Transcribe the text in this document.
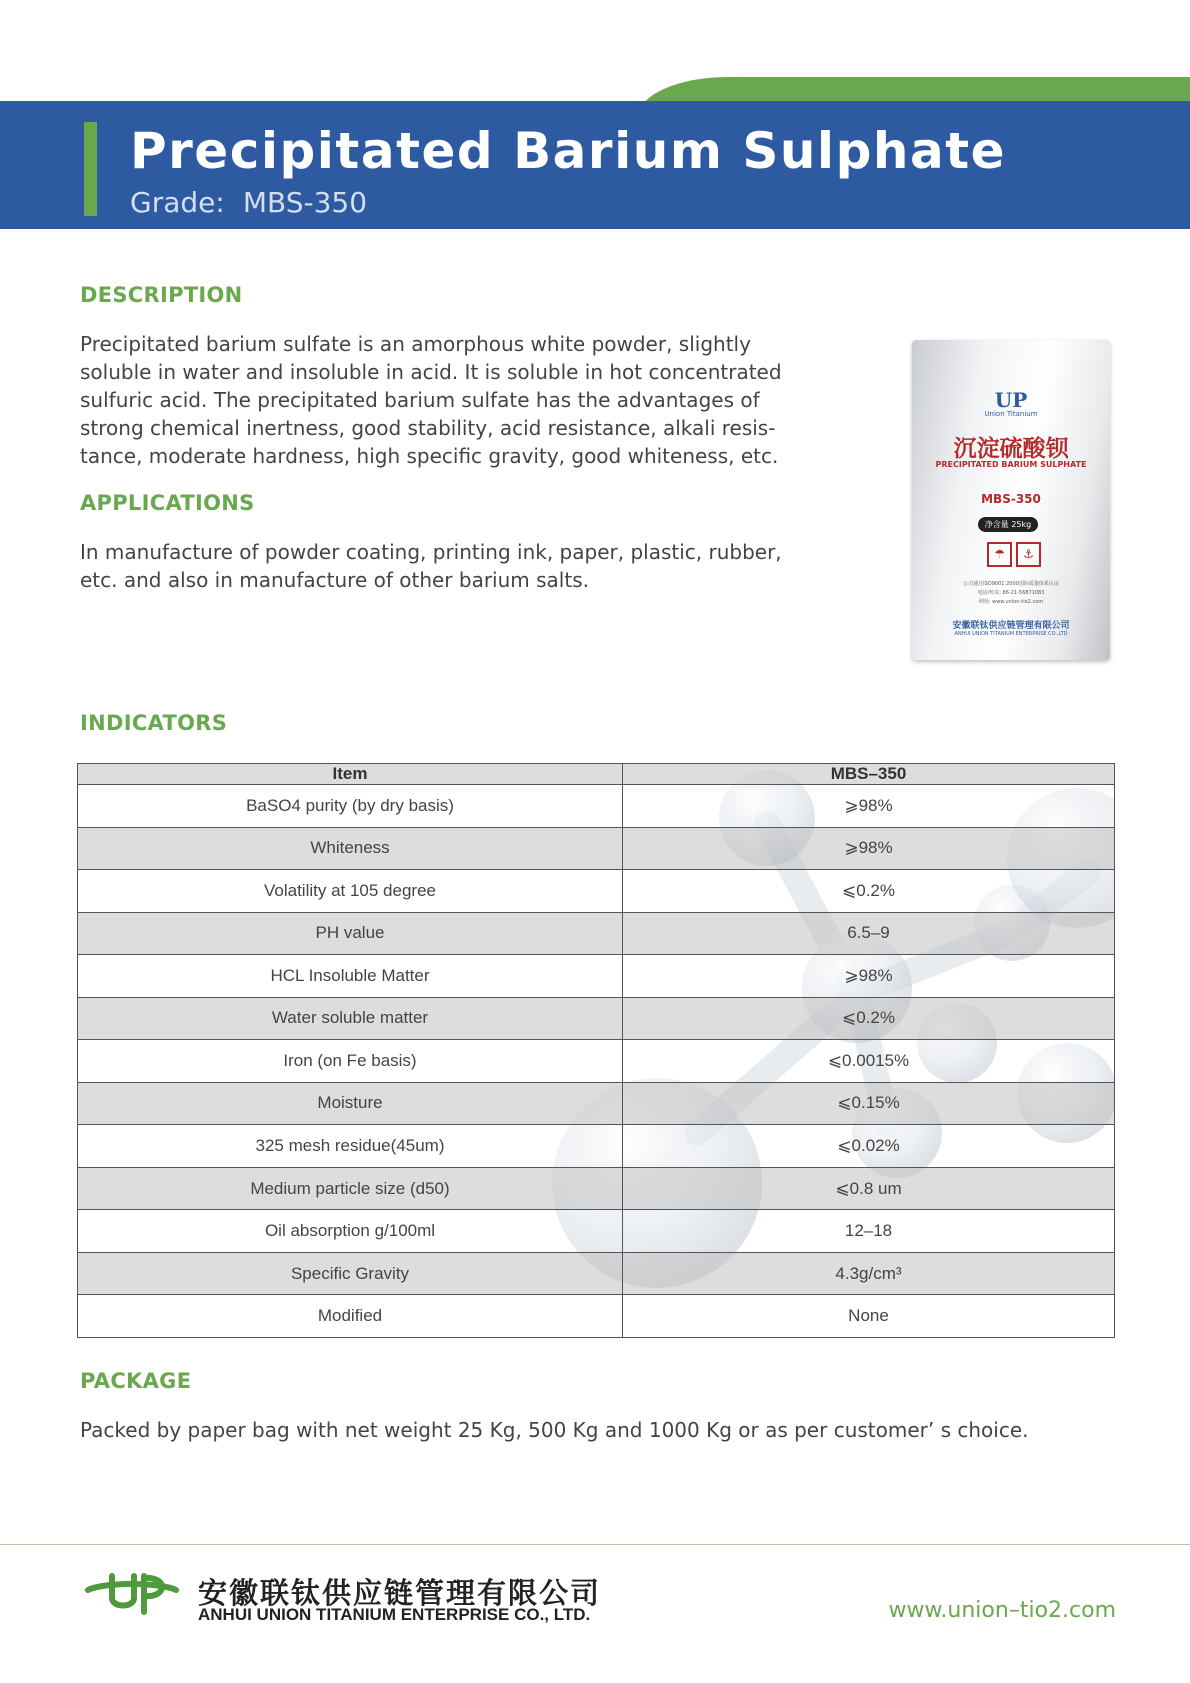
Precipitated Barium Sulphate
Grade: MBS-350
DESCRIPTION
Precipitated barium sulfate is an amorphous white powder, slightly
soluble in water and insoluble in acid. It is soluble in hot concentrated
sulfuric acid. The precipitated barium sulfate has the advantages of
strong chemical inertness, good stability, acid resistance, alkali resis-
tance, moderate hardness, high specific gravity, good whiteness, etc.
APPLICATIONS
In manufacture of powder coating, printing ink, paper, plastic, rubber,
etc. and also in manufacture of other barium salts.
UP
Union Titanium
沉淀硫酸钡
PRECIPITATED BARIUM SULPHATE
MBS-350
净含量 25kg
☂ ⚓
公司通过ISO9001:2000国际质量体系认证
电话/传真: 86-21-56871083
网址: www.union-tio2.com
安徽联钛供应链管理有限公司
ANHUI UNION TITANIUM ENTERPRISE CO.,LTD
INDICATORS
Item	MBS–350
BaSO4 purity (by dry basis)	⩾98%
Whiteness	⩾98%
Volatility at 105 degree	⩽0.2%
PH value	6.5–9
HCL Insoluble Matter	⩾98%
Water soluble matter	⩽0.2%
Iron (on Fe basis)	⩽0.0015%
Moisture	⩽0.15%
325 mesh residue(45um)	⩽0.02%
Medium particle size (d50)	⩽0.8 um
Oil absorption g/100ml	12–18
Specific Gravity	4.3g/cm³
Modified	None
PACKAGE
Packed by paper bag with net weight 25 Kg, 500 Kg and 1000 Kg or as per customer’ s choice.
安徽联钛供应链管理有限公司
ANHUI UNION TITANIUM ENTERPRISE CO., LTD.	www.union–tio2.com
